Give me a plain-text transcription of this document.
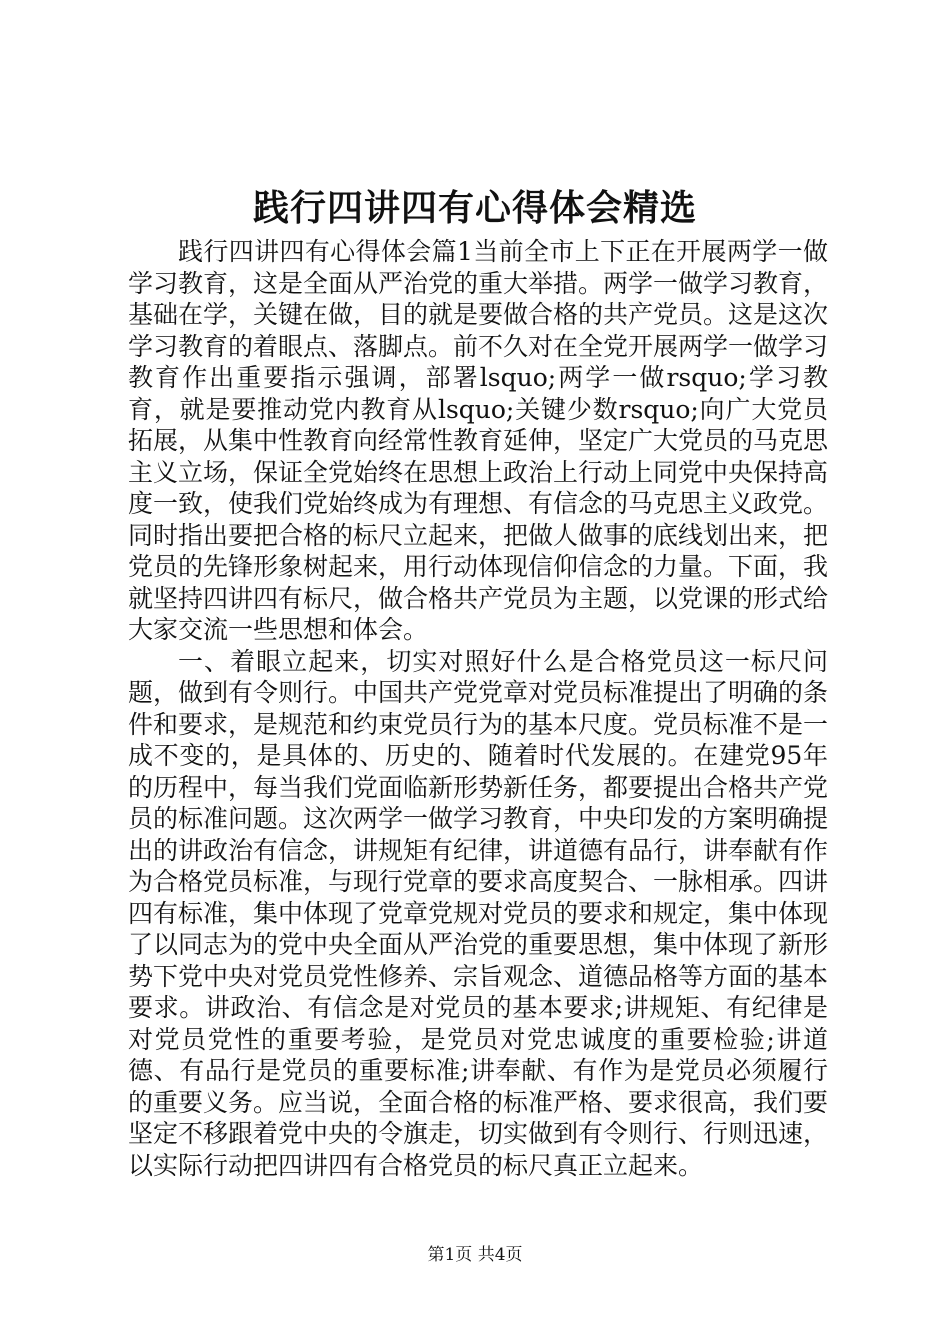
践行四讲四有心得体会精选

践行四讲四有心得体会篇1当前全市上下正在开展两学一做学习教育，这是全面从严治党的重大举措。两学一做学习教育，基础在学，关键在做，目的就是要做合格的共产党员。这是这次学习教育的着眼点、落脚点。前不久对在全党开展两学一做学习教育作出重要指示强调，部署lsquo;两学一做rsquo;学习教育，就是要推动党内教育从lsquo;关键少数rsquo;向广大党员拓展，从集中性教育向经常性教育延伸，坚定广大党员的马克思主义立场，保证全党始终在思想上政治上行动上同党中央保持高度一致，使我们党始终成为有理想、有信念的马克思主义政党。同时指出要把合格的标尺立起来，把做人做事的底线划出来，把党员的先锋形象树起来，用行动体现信仰信念的力量。下面，我就坚持四讲四有标尺，做合格共产党员为主题，以党课的形式给大家交流一些思想和体会。

一、着眼立起来，切实对照好什么是合格党员这一标尺问题，做到有令则行。中国共产党党章对党员标准提出了明确的条件和要求，是规范和约束党员行为的基本尺度。党员标准不是一成不变的，是具体的、历史的、随着时代发展的。在建党95年的历程中，每当我们党面临新形势新任务，都要提出合格共产党员的标准问题。这次两学一做学习教育，中央印发的方案明确提出的讲政治有信念，讲规矩有纪律，讲道德有品行，讲奉献有作为合格党员标准，与现行党章的要求高度契合、一脉相承。四讲四有标准，集中体现了党章党规对党员的要求和规定，集中体现了以同志为的党中央全面从严治党的重要思想，集中体现了新形势下党中央对党员党性修养、宗旨观念、道德品格等方面的基本要求。讲政治、有信念是对党员的基本要求;讲规矩、有纪律是对党员党性的重要考验，是党员对党忠诚度的重要检验;讲道德、有品行是党员的重要标准;讲奉献、有作为是党员必须履行的重要义务。应当说，全面合格的标准严格、要求很高，我们要坚定不移跟着党中央的令旗走，切实做到有令则行、行则迅速，以实际行动把四讲四有合格党员的标尺真正立起来。

第1页 共4页
